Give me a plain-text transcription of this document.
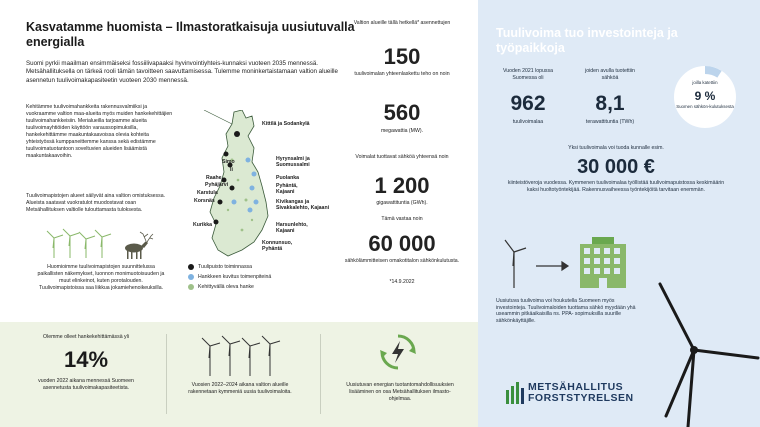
Kasvatamme huomista – Ilmastoratkaisuja uusiutuvalla energialla
Suomi pyrkii maailman ensimmäiseksi fossiilivapaaksi hyvinvointiyhteis-kunnaksi vuoteen 2035 mennessä. Metsähallituksella on tärkeä rooli tämän tavoitteen saavuttamisessa. Tulemme moninkertaistamaan valtion alueille asennetun tuulivoimakapasiteetin vuoteen 2030 mennessä.
Kehitämme tuulivoimahankkeita rakennusvalmiiksi ja vuokraamme valtion maa-alueita myös muiden hankekehittäjien tuulivoimahankkeisiin. Merialueilla tarjoamme alueita tuulivoimayhtiöiden käyttöön varaussopimuksilla, hankekehittämme maakuntakaavoissa olevia kohteita yhteistyössä kumppaneittemme kanssa sekä edistämme tuulivoimatuotantoon soveltuvien alueiden lisäämistä maakuntakaavoihin.
Tuulivoimapistojen alueet säilyvät aina valtion omistuksessa. Alueista saatavat vuokratulot muodostavat osan Metsähallituksen valtiolle tulouttamasta tuloksesta.
Huomioimme tuulivoimapistojen suunnittelussa paikallisten näkemykset, luonnon monimuotoisuuden ja muut elinkeinot, kuten porotalouden. Tuulivoimapistoissa saa liikkua jokamiehenoikeuksilla.
Kittilä ja Sodankylä
Simo
Ii
Raahe
Pyhäjärvi
Karstula
Korsnäs
Kurikka
Hyrynsalmi ja Suomussalmi
Puolanka
Pyhäntä, Kajaani
Kivikangas ja Sivakkalehto, Kajaani
Harsunlehto, Kajaani
Konnunsuo, Pyhäntä
Tuulipuisto toiminnassa
Hankkeen kuvitus toimenpiteinä
Kehittyvällä oleva hanke
Valtion alueille tällä hetkellä* asennettujen
150
tuulivoimalan yhteenlaskettu teho on noin
560
megawattia (MW).
Voimalat tuottavat sähköä yhteensä noin
1 200
gigawattituntia (GWh).
Tämä vastaa noin
60 000
sähkölämmitteisen omakotitalon sähkönkulutusta.
*14.9.2022
Olemme olleet hankekehittämässä yli
14%
vuoden 2022 aikana mennessä Suomeen asennetusta tuulivoimakapasiteetista.	Vuosien 2022–2024 aikana valtion alueille rakennetaan kymmeniä uusia tuulivoimaloita.
Uusiutuvan energian tuotantomahdollisuuksien lisääminen on osa Metsähallituksen ilmasto-ohjelmaa.
Tuulivoima tuo investointeja ja työpaikkoja
Vuoden 2021 lopussa Suomessa oli
962
tuulivoimalaa
joiden avulla tuotettiin sähköä
8,1
terawattituntia (TWh)
joilla katettiin
9 %
Suomen sähkön-kulutuksesta
Yksi tuulivoimala voi tuoda kunnalle esim.
30 000 €
kiinteistöveroja vuodessa. Kymmenen tuulivoimalaa työllistää tuulivoimapuistossa keskimäärin kaksi huoltotyöntekijää. Rakennusvaiheessa työntekijöitä tarvitaan enemmän.
Uusiutuva tuulivoima voi houkutella Suomeen myös investointeja. Tuulivoimaloiden tuottama sähkö myydään yhä useammin pitkäaikaisilla ns. PPA- sopimuksilla suurille sähkönkäyttäjille.
METSÄHALLITUS
FORSTSTYRELSEN
